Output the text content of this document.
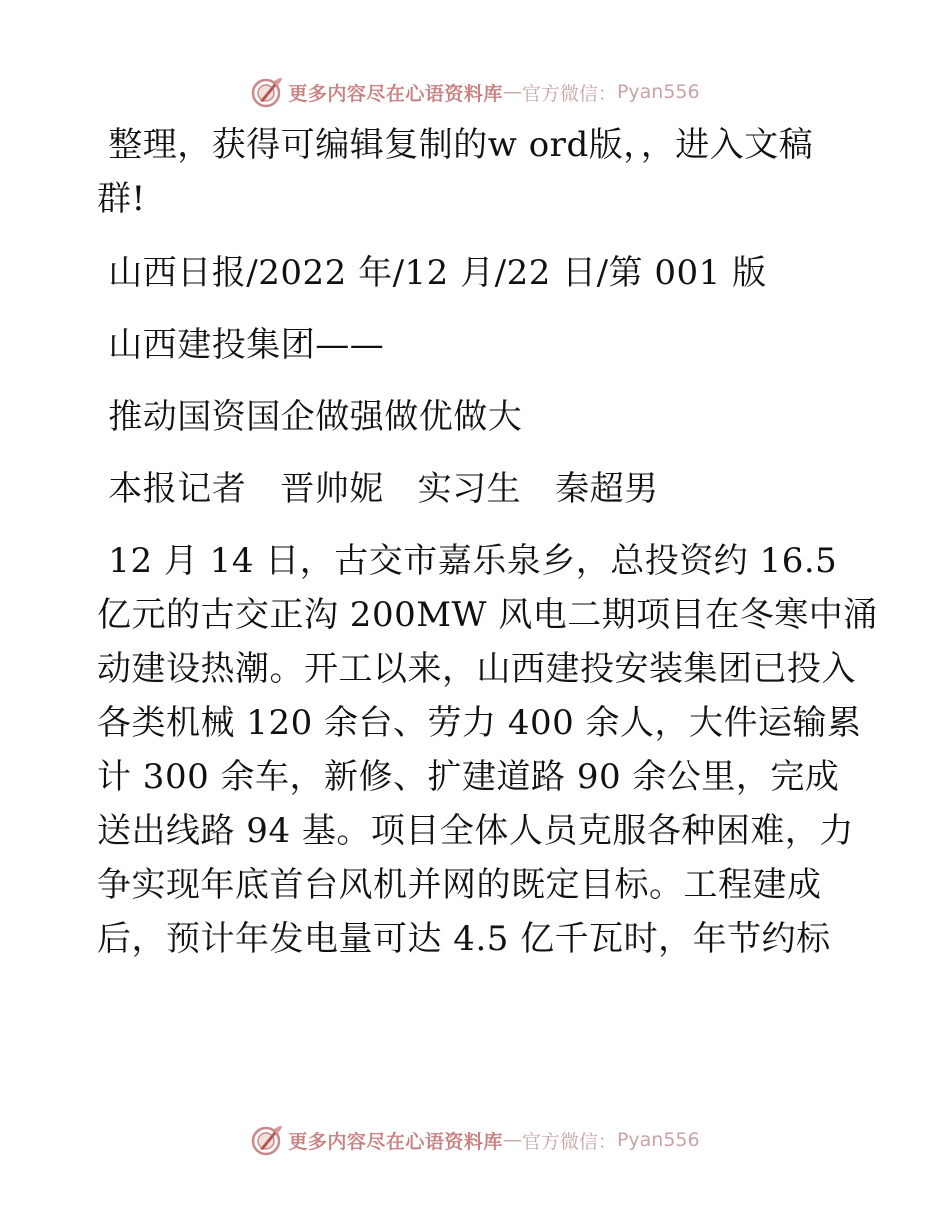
更多内容尽在心语资料库 — 官方微信： Pyan556
整理，获得可编辑复制的w ord版，，进入文稿
群!
山西日报/2022 年/12 月/22 日/第 001 版
山西建投集团——
推动国资国企做强做优做大
本报记者   晋帅妮   实习生   秦超男
12 月 14 日，古交市嘉乐泉乡，总投资约 16.5
亿元的古交正沟 200MW 风电二期项目在冬寒中涌
动建设热潮。开工以来，山西建投安装集团已投入
各类机械 120 余台、劳力 400 余人，大件运输累
计 300 余车，新修、扩建道路 90 余公里，完成
送出线路 94 基。项目全体人员克服各种困难，力
争实现年底首台风机并网的既定目标。工程建成
后，预计年发电量可达 4.5 亿千瓦时，年节约标
更多内容尽在心语资料库 — 官方微信： Pyan556
